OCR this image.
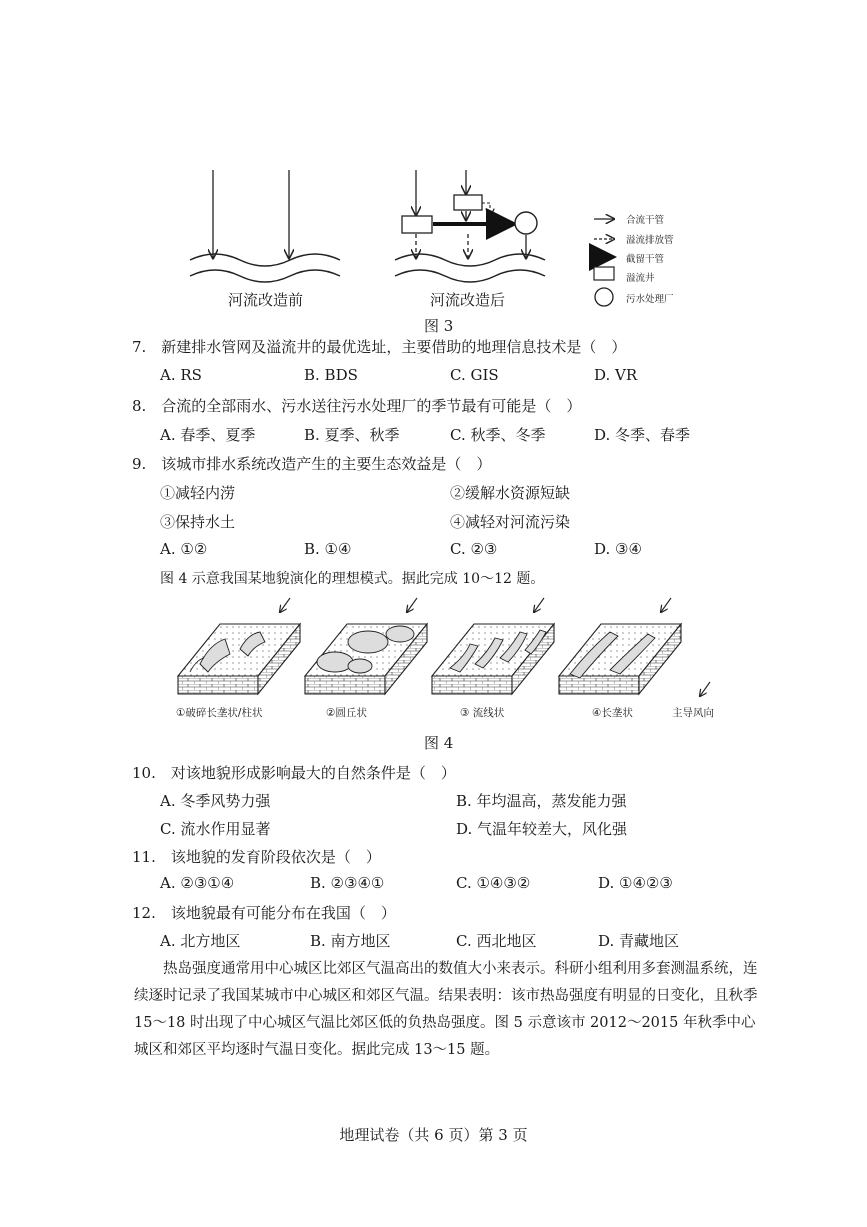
合流干管
溢流排放管
截留干管
溢流井
污水处理厂
河流改造前	河流改造后
图 3
7.　新建排水管网及溢流井的最优选址，主要借助的地理信息技术是（　）
A. RS	B. BDS	C. GIS	D. VR
8.　合流的全部雨水、污水送往污水处理厂的季节最有可能是（　）
A. 春季、夏季	B. 夏季、秋季	C. 秋季、冬季	D. 冬季、春季
9.　该城市排水系统改造产生的主要生态效益是（　）
①减轻内涝	②缓解水资源短缺
③保持水土	④减轻对河流污染
A. ①②	B. ①④	C. ②③	D. ③④
图 4 示意我国某地貌演化的理想模式。据此完成 10～12 题。
①破碎长垄状/柱状	②圆丘状	③ 流线状	④长垄状	主导风向
图 4
10.　对该地貌形成影响最大的自然条件是（　）
A. 冬季风势力强	B. 年均温高，蒸发能力强
C. 流水作用显著	D. 气温年较差大，风化强
11.　该地貌的发育阶段依次是（　）
A. ②③①④	B. ②③④①	C. ①④③②	D. ①④②③
12.　该地貌最有可能分布在我国（　）
A. 北方地区	B. 南方地区	C. 西北地区	D. 青藏地区
热岛强度通常用中心城区比郊区气温高出的数值大小来表示。科研小组利用多套测温系统，连续逐时记录了我国某城市中心城区和郊区气温。结果表明：该市热岛强度有明显的日变化，且秋季 15～18 时出现了中心城区气温比郊区低的负热岛强度。图 5 示意该市 2012～2015 年秋季中心城区和郊区平均逐时气温日变化。据此完成 13～15 题。
地理试卷（共 6 页）第 3 页
